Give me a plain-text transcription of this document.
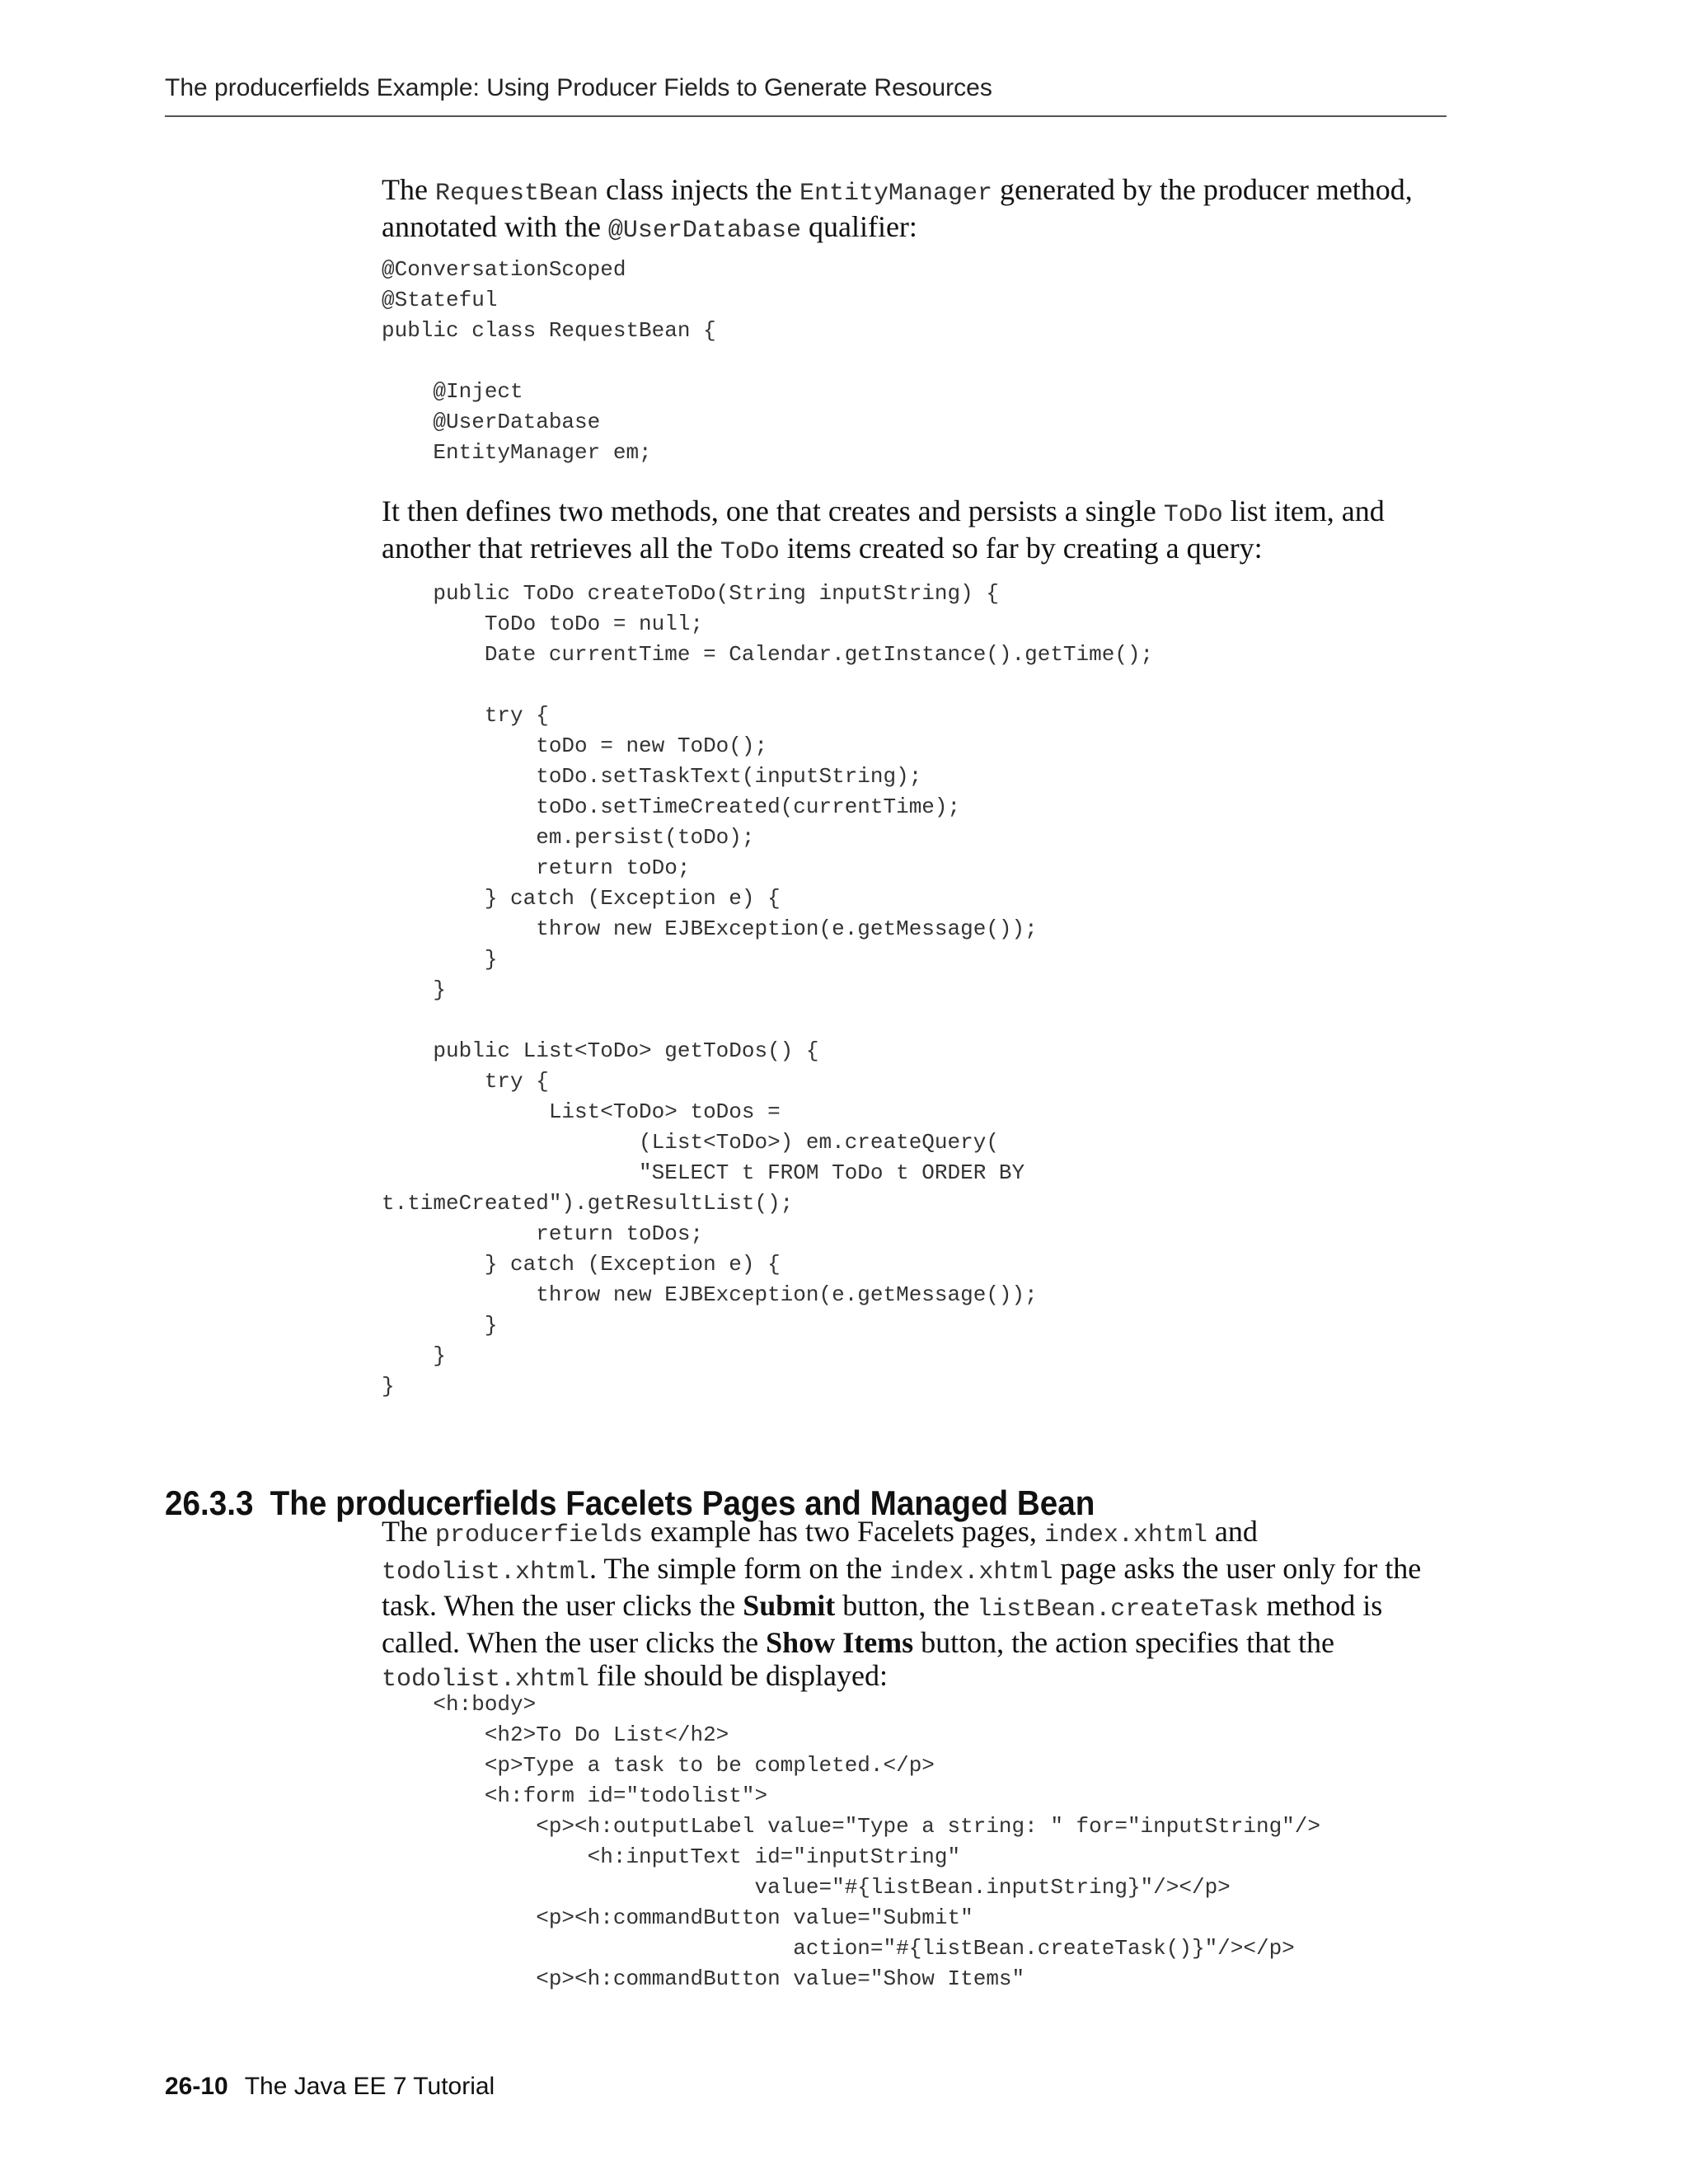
The producerfields Example: Using Producer Fields to Generate Resources
The RequestBean class injects the EntityManager generated by the producer method,
annotated with the @UserDatabase qualifier:
@ConversationScoped
@Stateful
public class RequestBean {

@Inject
@UserDatabase
EntityManager em;
It then defines two methods, one that creates and persists a single ToDo list item, and
another that retrieves all the ToDo items created so far by creating a query:
public ToDo createToDo(String inputString) {
ToDo toDo = null;
Date currentTime = Calendar.getInstance().getTime();

try {
toDo = new ToDo();
toDo.setTaskText(inputString);
toDo.setTimeCreated(currentTime);
em.persist(toDo);
return toDo;
} catch (Exception e) {
throw new EJBException(e.getMessage());
}
}

public List<ToDo> getToDos() {
try {
List<ToDo> toDos =
(List<ToDo>) em.createQuery(
"SELECT t FROM ToDo t ORDER BY
t.timeCreated").getResultList();
return toDos;
} catch (Exception e) {
throw new EJBException(e.getMessage());
}
}
}
26.3.3 The producerfields Facelets Pages and Managed Bean
The producerfields example has two Facelets pages, index.xhtml and
todolist.xhtml. The simple form on the index.xhtml page asks the user only for the
task. When the user clicks the Submit button, the listBean.createTask method is
called. When the user clicks the Show Items button, the action specifies that the
todolist.xhtml file should be displayed:
<h:body>
<h2>To Do List</h2>
<p>Type a task to be completed.</p>
<h:form id="todolist">
<p><h:outputLabel value="Type a string: " for="inputString"/>
<h:inputText id="inputString"
value="#{listBean.inputString}"/></p>
<p><h:commandButton value="Submit"
action="#{listBean.createTask()}"/></p>
<p><h:commandButton value="Show Items"
26-10 The Java EE 7 Tutorial
